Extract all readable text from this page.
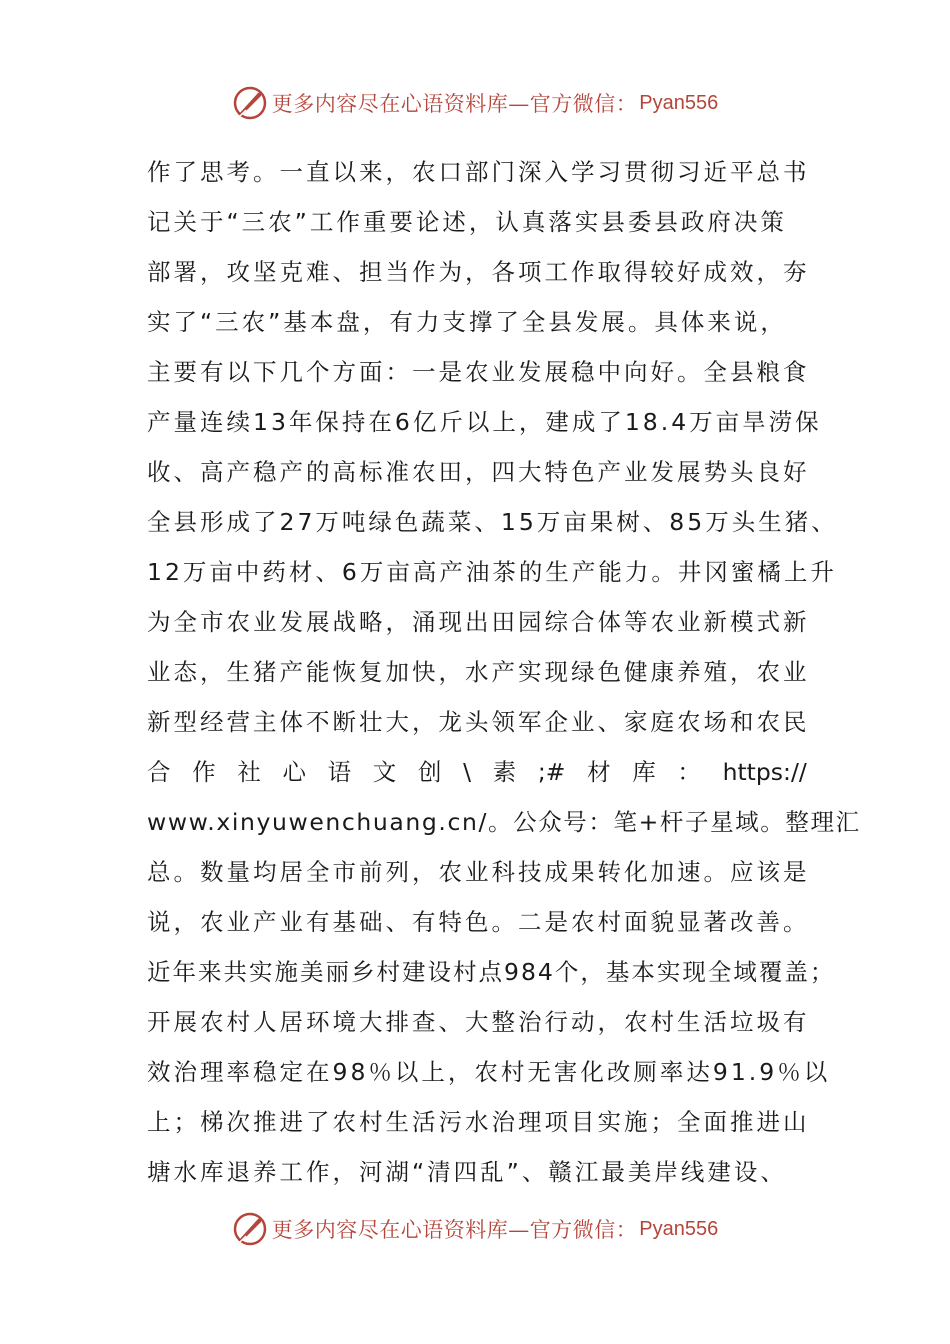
更多内容尽在心语资料库—官方微信： Pyan556
作了思考。一直以来，农口部门深入学习贯彻习近平总书
记关于“三农”工作重要论述，认真落实县委县政府决策
部署，攻坚克难、担当作为，各项工作取得较好成效，夯
实了“三农”基本盘，有力支撑了全县发展。具体来说，
主要有以下几个方面：一是农业发展稳中向好。全县粮食
产量连续13年保持在6亿斤以上，建成了18.4万亩旱涝保
收、高产稳产的高标准农田，四大特色产业发展势头良好
全县形成了27万吨绿色蔬菜、15万亩果树、85万头生猪、
12万亩中药材、6万亩高产油茶的生产能力。井冈蜜橘上升
为全市农业发展战略，涌现出田园综合体等农业新模式新
业态，生猪产能恢复加快，水产实现绿色健康养殖，农业
新型经营主体不断壮大，龙头领军企业、家庭农场和农民
合 作 社 心 语 文 创 \ 素 ;# 材 库 ： https://
www.xinyuwenchuang.cn/。公众号：笔+杆子星域。整理汇
总。数量均居全市前列，农业科技成果转化加速。应该是
说，农业产业有基础、有特色。二是农村面貌显著改善。
近年来共实施美丽乡村建设村点984个，基本实现全域覆盖；
开展农村人居环境大排查、大整治行动，农村生活垃圾有
效治理率稳定在98％以上，农村无害化改厕率达91.9％以
上；梯次推进了农村生活污水治理项目实施；全面推进山
塘水库退养工作，河湖“清四乱”、赣江最美岸线建设、
更多内容尽在心语资料库—官方微信： Pyan556
